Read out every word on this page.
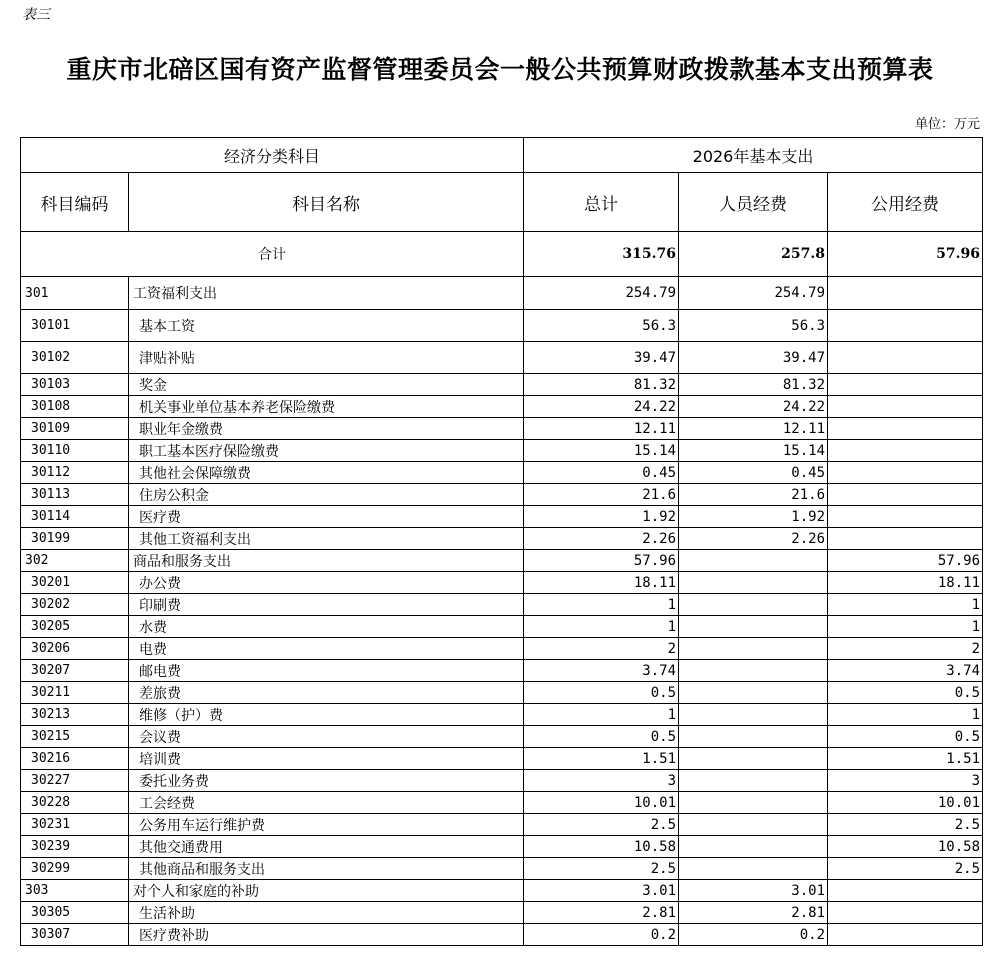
表三
重庆市北碚区国有资产监督管理委员会一般公共预算财政拨款基本支出预算表
单位：万元
经济分类科目		2026年基本支出		
科目编码	科目名称	总计	人员经费	公用经费
合计		315.76	257.8	57.96
301	工资福利支出	254.79	254.79	
30101	基本工资	56.3	56.3	
30102	津贴补贴	39.47	39.47	
30103	奖金	81.32	81.32	
30108	机关事业单位基本养老保险缴费	24.22	24.22	
30109	职业年金缴费	12.11	12.11	
30110	职工基本医疗保险缴费	15.14	15.14	
30112	其他社会保障缴费	0.45	0.45	
30113	住房公积金	21.6	21.6	
30114	医疗费	1.92	1.92	
30199	其他工资福利支出	2.26	2.26	
302	商品和服务支出	57.96		57.96
30201	办公费	18.11		18.11
30202	印刷费	1		1
30205	水费	1		1
30206	电费	2		2
30207	邮电费	3.74		3.74
30211	差旅费	0.5		0.5
30213	维修（护）费	1		1
30215	会议费	0.5		0.5
30216	培训费	1.51		1.51
30227	委托业务费	3		3
30228	工会经费	10.01		10.01
30231	公务用车运行维护费	2.5		2.5
30239	其他交通费用	10.58		10.58
30299	其他商品和服务支出	2.5		2.5
303	对个人和家庭的补助	3.01	3.01	
30305	生活补助	2.81	2.81	
30307	医疗费补助	0.2	0.2	
